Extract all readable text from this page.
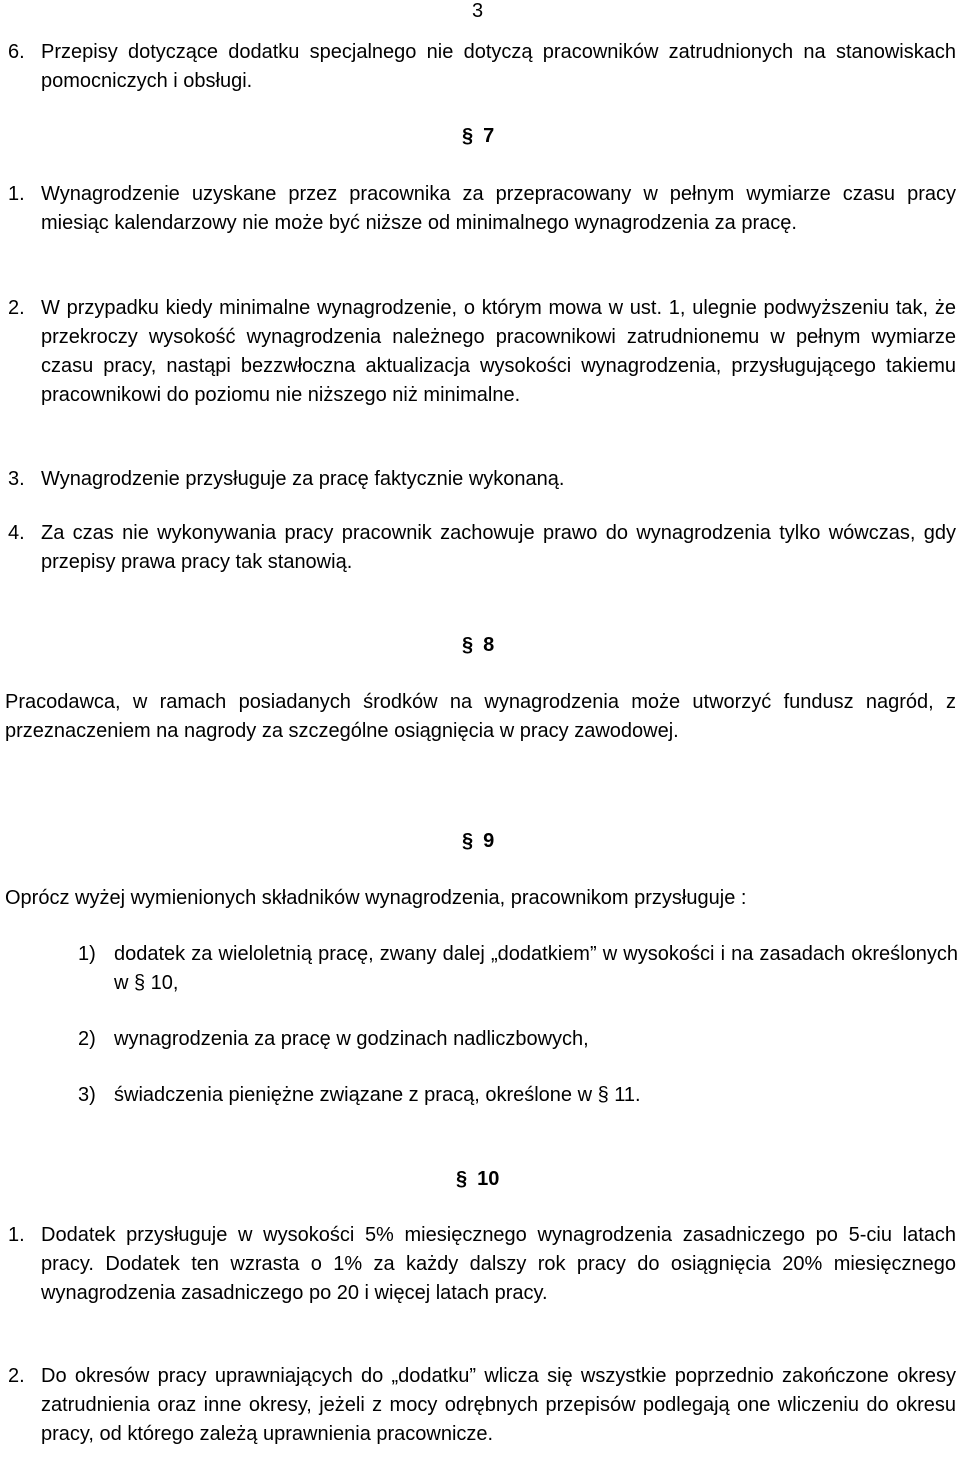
3
6. Przepisy dotyczące dodatku specjalnego nie dotyczą pracowników zatrudnionych na stanowiskach pomocniczych i obsługi.
§ 7
1. Wynagrodzenie uzyskane przez pracownika za przepracowany w pełnym wymiarze czasu pracy miesiąc kalendarzowy nie może być niższe od minimalnego wynagrodzenia za pracę.
2. W przypadku kiedy minimalne wynagrodzenie, o którym mowa w ust. 1, ulegnie podwyższeniu tak, że przekroczy wysokość wynagrodzenia należnego pracownikowi zatrudnionemu w pełnym wymiarze czasu pracy, nastąpi bezzwłoczna aktualizacja wysokości wynagrodzenia, przysługującego takiemu pracownikowi do poziomu nie niższego niż minimalne.
3. Wynagrodzenie przysługuje za pracę faktycznie wykonaną.
4. Za czas nie wykonywania pracy pracownik zachowuje prawo do wynagrodzenia tylko wówczas, gdy przepisy prawa pracy tak stanowią.
§ 8
Pracodawca, w ramach posiadanych środków na wynagrodzenia może utworzyć fundusz nagród, z przeznaczeniem na nagrody za szczególne osiągnięcia w pracy zawodowej.
§ 9
Oprócz wyżej wymienionych składników wynagrodzenia, pracownikom przysługuje :
1) dodatek za wieloletnią pracę, zwany dalej „dodatkiem” w wysokości i na zasadach określonych w § 10,
2) wynagrodzenia za pracę w godzinach nadliczbowych,
3) świadczenia pieniężne związane z pracą, określone w § 11.
§ 10
1. Dodatek przysługuje w wysokości 5% miesięcznego wynagrodzenia zasadniczego po 5-ciu latach pracy. Dodatek ten wzrasta o 1% za każdy dalszy rok pracy do osiągnięcia 20% miesięcznego wynagrodzenia zasadniczego po 20 i więcej latach pracy.
2. Do okresów pracy uprawniających do „dodatku” wlicza się wszystkie poprzednio zakończone okresy zatrudnienia oraz inne okresy, jeżeli z mocy odrębnych przepisów podlegają one wliczeniu do okresu pracy, od którego zależą uprawnienia pracownicze.
